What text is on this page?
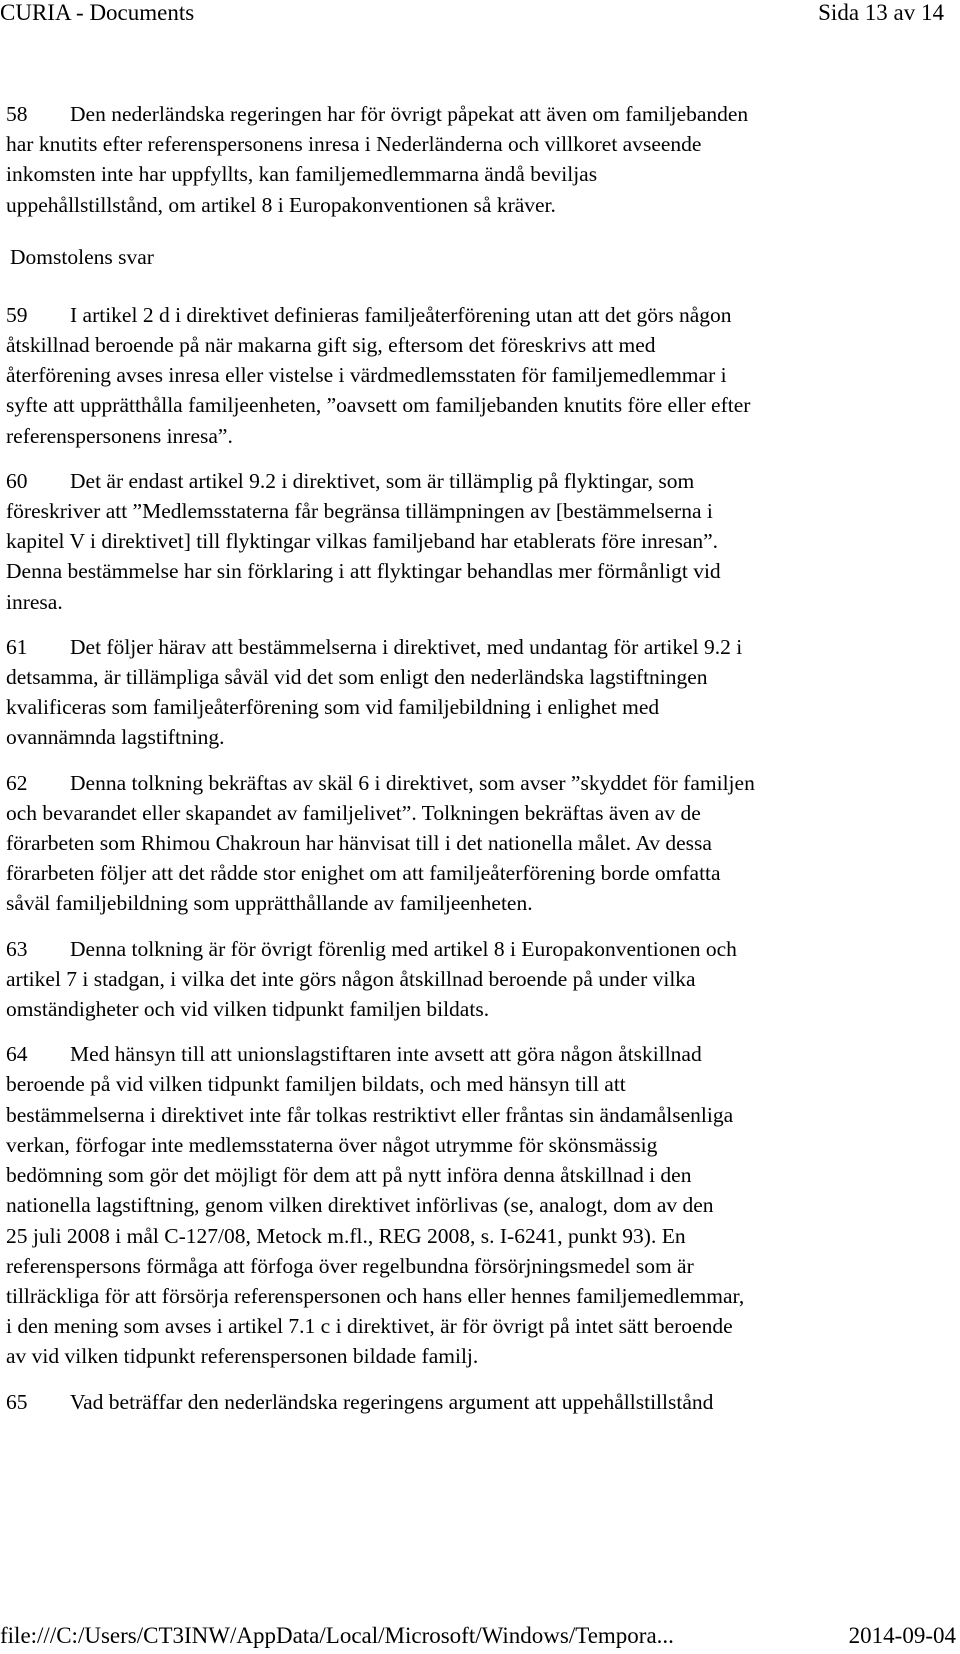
CURIA - Documents	Sida 13 av 14

58 Den nederländska regeringen har för övrigt påpekat att även om familjebanden
har knutits efter referenspersonens inresa i Nederländerna och villkoret avseende
inkomsten inte har uppfyllts, kan familjemedlemmarna ändå beviljas
uppehållstillstånd, om artikel 8 i Europakonventionen så kräver.

Domstolens svar

59 I artikel 2 d i direktivet definieras familjeåterförening utan att det görs någon
åtskillnad beroende på när makarna gift sig, eftersom det föreskrivs att med
återförening avses inresa eller vistelse i värdmedlemsstaten för familjemedlemmar i
syfte att upprätthålla familjeenheten, ”oavsett om familjebanden knutits före eller efter
referenspersonens inresa”.

60 Det är endast artikel 9.2 i direktivet, som är tillämplig på flyktingar, som
föreskriver att ”Medlemsstaterna får begränsa tillämpningen av [bestämmelserna i
kapitel V i direktivet] till flyktingar vilkas familjeband har etablerats före inresan”.
Denna bestämmelse har sin förklaring i att flyktingar behandlas mer förmånligt vid
inresa.

61 Det följer härav att bestämmelserna i direktivet, med undantag för artikel 9.2 i
detsamma, är tillämpliga såväl vid det som enligt den nederländska lagstiftningen
kvalificeras som familjeåterförening som vid familjebildning i enlighet med
ovannämnda lagstiftning.

62 Denna tolkning bekräftas av skäl 6 i direktivet, som avser ”skyddet för familjen
och bevarandet eller skapandet av familjelivet”. Tolkningen bekräftas även av de
förarbeten som Rhimou Chakroun har hänvisat till i det nationella målet. Av dessa
förarbeten följer att det rådde stor enighet om att familjeåterförening borde omfatta
såväl familjebildning som upprätthållande av familjeenheten.

63 Denna tolkning är för övrigt förenlig med artikel 8 i Europakonventionen och
artikel 7 i stadgan, i vilka det inte görs någon åtskillnad beroende på under vilka
omständigheter och vid vilken tidpunkt familjen bildats.

64 Med hänsyn till att unionslagstiftaren inte avsett att göra någon åtskillnad
beroende på vid vilken tidpunkt familjen bildats, och med hänsyn till att
bestämmelserna i direktivet inte får tolkas restriktivt eller fråntas sin ändamålsenliga
verkan, förfogar inte medlemsstaterna över något utrymme för skönsmässig
bedömning som gör det möjligt för dem att på nytt införa denna åtskillnad i den
nationella lagstiftning, genom vilken direktivet införlivas (se, analogt, dom av den
25 juli 2008 i mål C‑127/08, Metock m.fl., REG 2008, s. I‑6241, punkt 93). En
referenspersons förmåga att förfoga över regelbundna försörjningsmedel som är
tillräckliga för att försörja referenspersonen och hans eller hennes familjemedlemmar,
i den mening som avses i artikel 7.1 c i direktivet, är för övrigt på intet sätt beroende
av vid vilken tidpunkt referenspersonen bildade familj.

65 Vad beträffar den nederländska regeringens argument att uppehållstillstånd

file:///C:/Users/CT3INW/AppData/Local/Microsoft/Windows/Tempora...	2014-09-04
